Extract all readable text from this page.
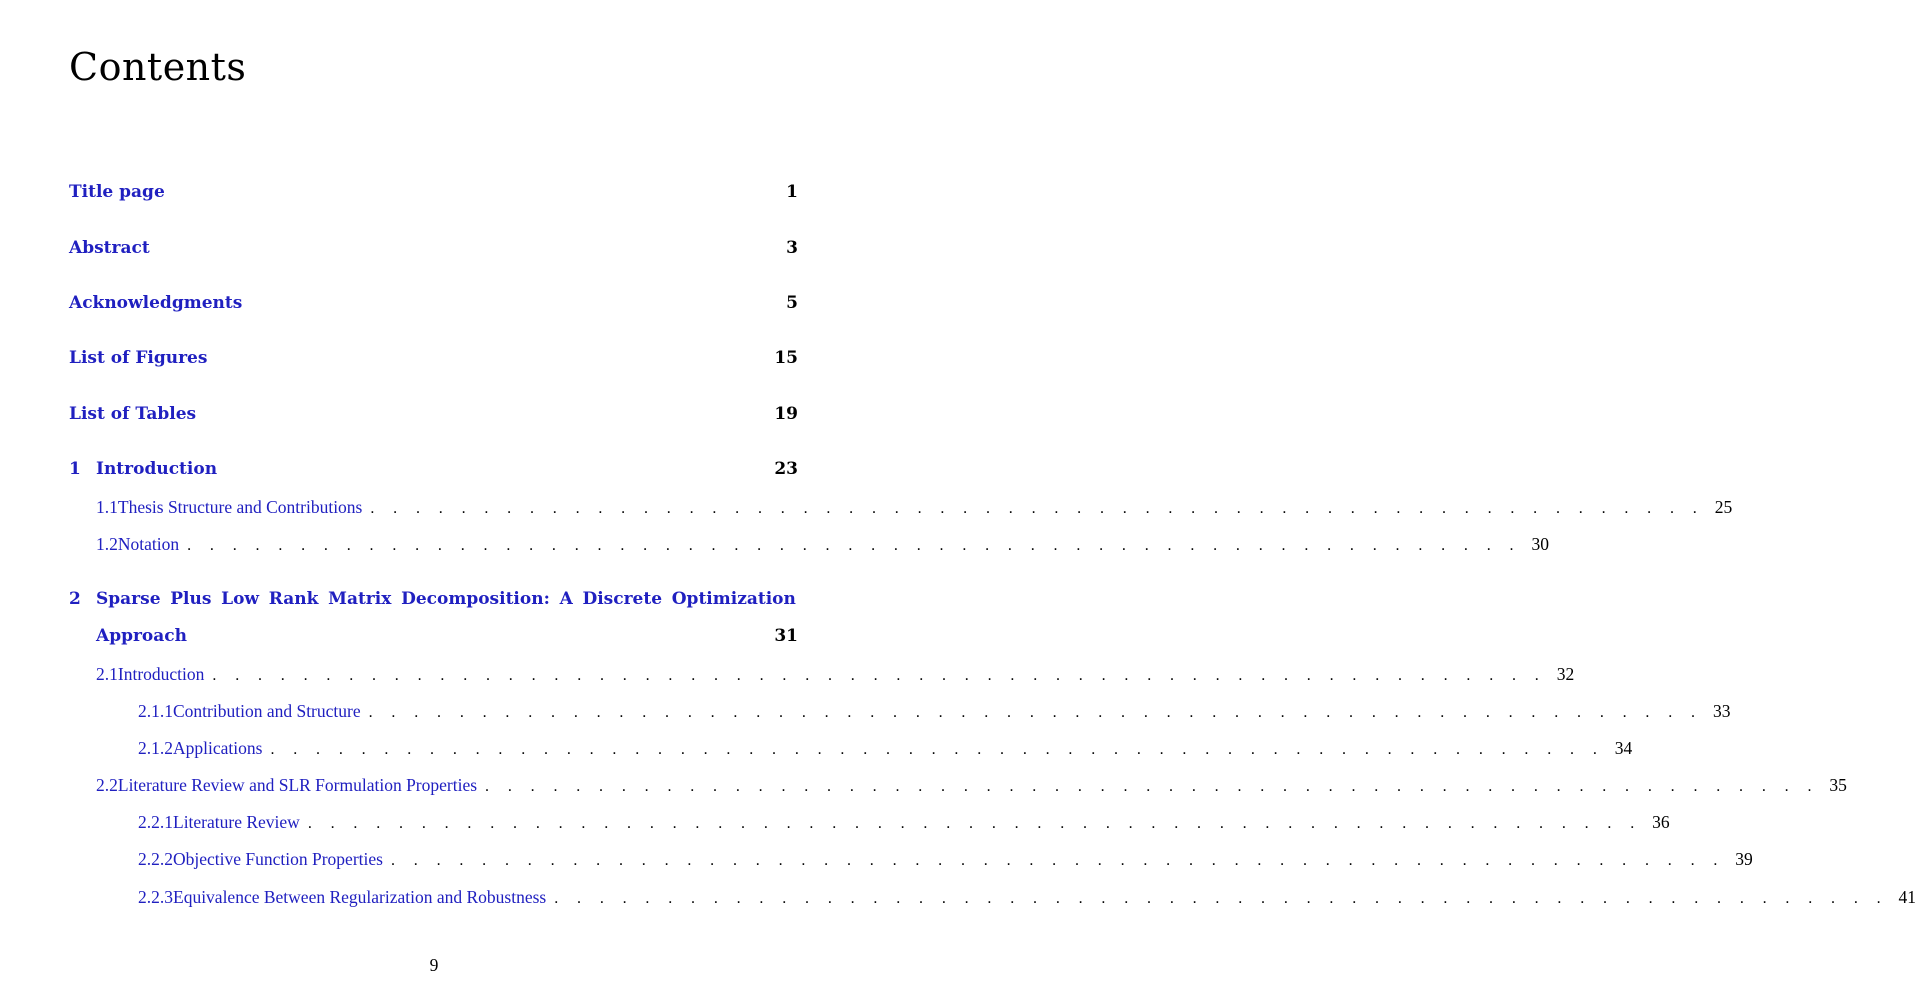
Contents
Title page	1
Abstract	3
Acknowledgments	5
List of Figures	15
List of Tables	19
1 Introduction	23
1.1 Thesis Structure and Contributions . . . . . . . . . . . . . . . . . . . . . . . . . . . . . . . . . . . . . . . . . . . . . . . . . . . . . . . . . . . 25
1.2 Notation . . . . . . . . . . . . . . . . . . . . . . . . . . . . . . . . . . . . . . . . . . . . . . . . . . . . . . . . . . . 30
2 Sparse Plus Low Rank Matrix Decomposition: A Discrete Optimization
Approach	31
2.1 Introduction . . . . . . . . . . . . . . . . . . . . . . . . . . . . . . . . . . . . . . . . . . . . . . . . . . . . . . . . . . . 32
2.1.1 Contribution and Structure . . . . . . . . . . . . . . . . . . . . . . . . . . . . . . . . . . . . . . . . . . . . . . . . . . . . . . . . . . . 33
2.1.2 Applications . . . . . . . . . . . . . . . . . . . . . . . . . . . . . . . . . . . . . . . . . . . . . . . . . . . . . . . . . . . 34
2.2 Literature Review and SLR Formulation Properties . . . . . . . . . . . . . . . . . . . . . . . . . . . . . . . . . . . . . . . . . . . . . . . . . . . . . . . . . . . 35
2.2.1 Literature Review . . . . . . . . . . . . . . . . . . . . . . . . . . . . . . . . . . . . . . . . . . . . . . . . . . . . . . . . . . . 36
2.2.2 Objective Function Properties . . . . . . . . . . . . . . . . . . . . . . . . . . . . . . . . . . . . . . . . . . . . . . . . . . . . . . . . . . . 39
2.2.3 Equivalence Between Regularization and Robustness . . . . . . . . . . . . . . . . . . . . . . . . . . . . . . . . . . . . . . . . . . . . . . . . . . . . . . . . . . . 41
9
